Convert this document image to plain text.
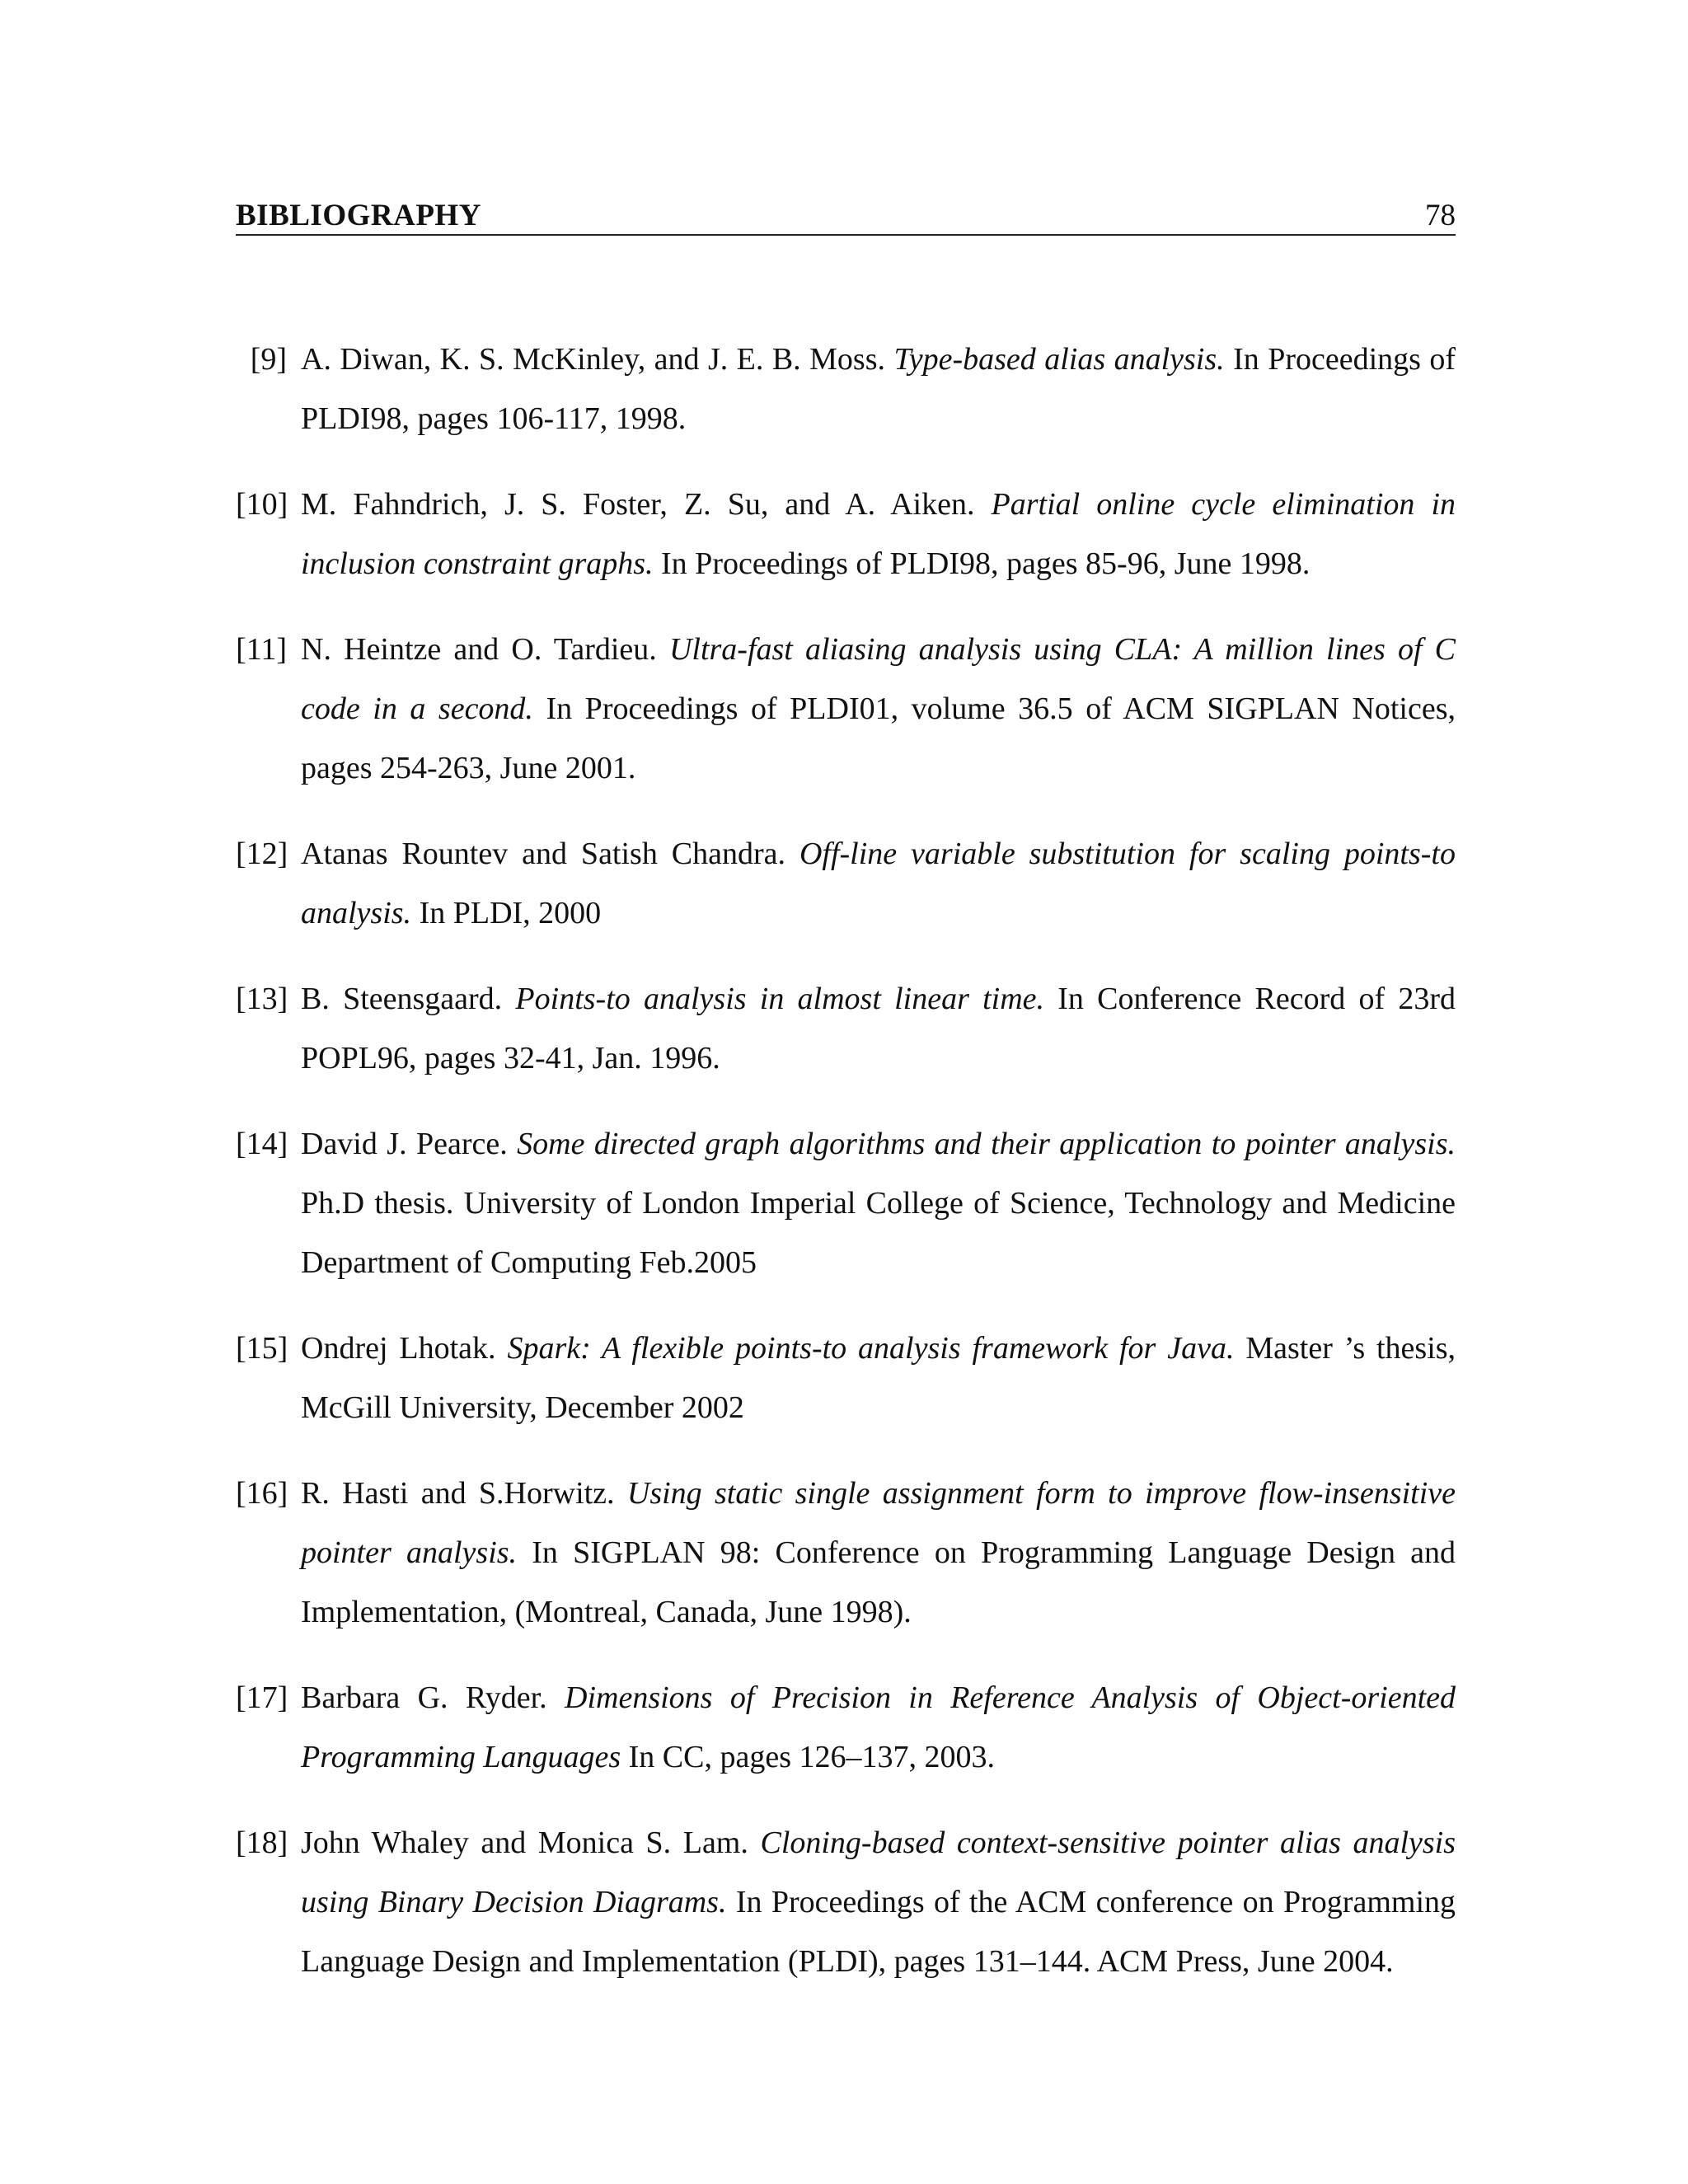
BIBLIOGRAPHY	78
[9] A. Diwan, K. S. McKinley, and J. E. B. Moss. Type-based alias analysis. In Proceedings of PLDI98, pages 106-117, 1998.
[10] M. Fahndrich, J. S. Foster, Z. Su, and A. Aiken. Partial online cycle elimination in inclusion constraint graphs. In Proceedings of PLDI98, pages 85-96, June 1998.
[11] N. Heintze and O. Tardieu. Ultra-fast aliasing analysis using CLA: A million lines of C code in a second. In Proceedings of PLDI01, volume 36.5 of ACM SIGPLAN Notices, pages 254-263, June 2001.
[12] Atanas Rountev and Satish Chandra. Off-line variable substitution for scaling points-to analysis. In PLDI, 2000
[13] B. Steensgaard. Points-to analysis in almost linear time. In Conference Record of 23rd POPL96, pages 32-41, Jan. 1996.
[14] David J. Pearce. Some directed graph algorithms and their application to pointer analysis. Ph.D thesis. University of London Imperial College of Science, Technology and Medicine Department of Computing Feb.2005
[15] Ondrej Lhotak. Spark: A flexible points-to analysis framework for Java. Master ’s thesis, McGill University, December 2002
[16] R. Hasti and S.Horwitz. Using static single assignment form to improve flow-insensitive pointer analysis. In SIGPLAN 98: Conference on Programming Language Design and Implementation, (Montreal, Canada, June 1998).
[17] Barbara G. Ryder. Dimensions of Precision in Reference Analysis of Object-oriented Programming Languages In CC, pages 126–137, 2003.
[18] John Whaley and Monica S. Lam. Cloning-based context-sensitive pointer alias analysis using Binary Decision Diagrams. In Proceedings of the ACM conference on Programming Language Design and Implementation (PLDI), pages 131–144. ACM Press, June 2004.
